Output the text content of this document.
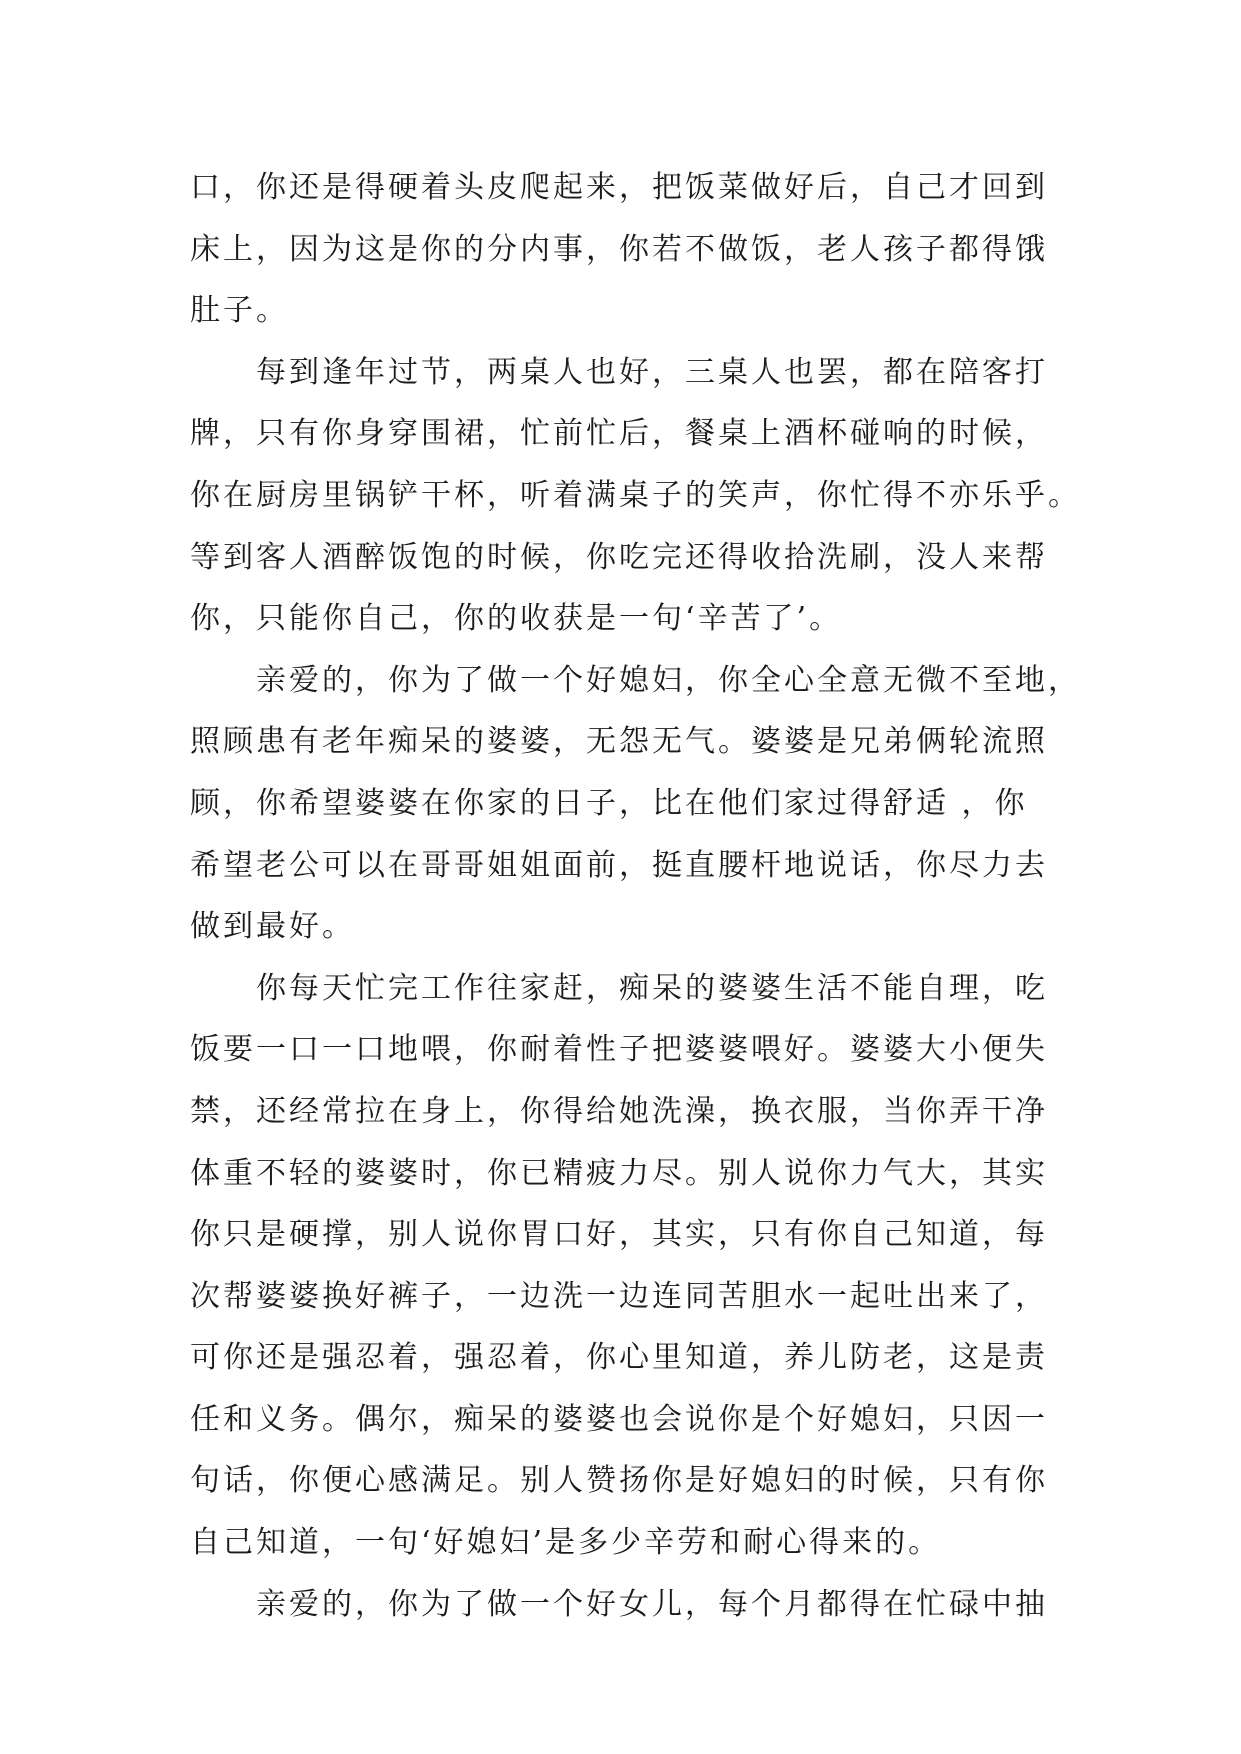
口，你还是得硬着头皮爬起来，把饭菜做好后，自己才回到
床上，因为这是你的分内事，你若不做饭，老人孩子都得饿
肚子。
每到逢年过节，两桌人也好，三桌人也罢，都在陪客打
牌，只有你身穿围裙，忙前忙后，餐桌上酒杯碰响的时候，
你在厨房里锅铲干杯，听着满桌子的笑声，你忙得不亦乐乎。
等到客人酒醉饭饱的时候，你吃完还得收拾洗刷，没人来帮
你，只能你自己，你的收获是一句‘辛苦了’。
亲爱的，你为了做一个好媳妇，你全心全意无微不至地，
照顾患有老年痴呆的婆婆，无怨无气。婆婆是兄弟俩轮流照
顾，你希望婆婆在你家的日子，比在他们家过得舒适 ，你
希望老公可以在哥哥姐姐面前，挺直腰杆地说话，你尽力去
做到最好。
你每天忙完工作往家赶，痴呆的婆婆生活不能自理，吃
饭要一口一口地喂，你耐着性子把婆婆喂好。婆婆大小便失
禁，还经常拉在身上，你得给她洗澡，换衣服，当你弄干净
体重不轻的婆婆时，你已精疲力尽。别人说你力气大，其实
你只是硬撑，别人说你胃口好，其实，只有你自己知道，每
次帮婆婆换好裤子，一边洗一边连同苦胆水一起吐出来了，
可你还是强忍着，强忍着，你心里知道，养儿防老，这是责
任和义务。偶尔，痴呆的婆婆也会说你是个好媳妇，只因一
句话，你便心感满足。别人赞扬你是好媳妇的时候，只有你
自己知道，一句‘好媳妇’是多少辛劳和耐心得来的。
亲爱的，你为了做一个好女儿，每个月都得在忙碌中抽
